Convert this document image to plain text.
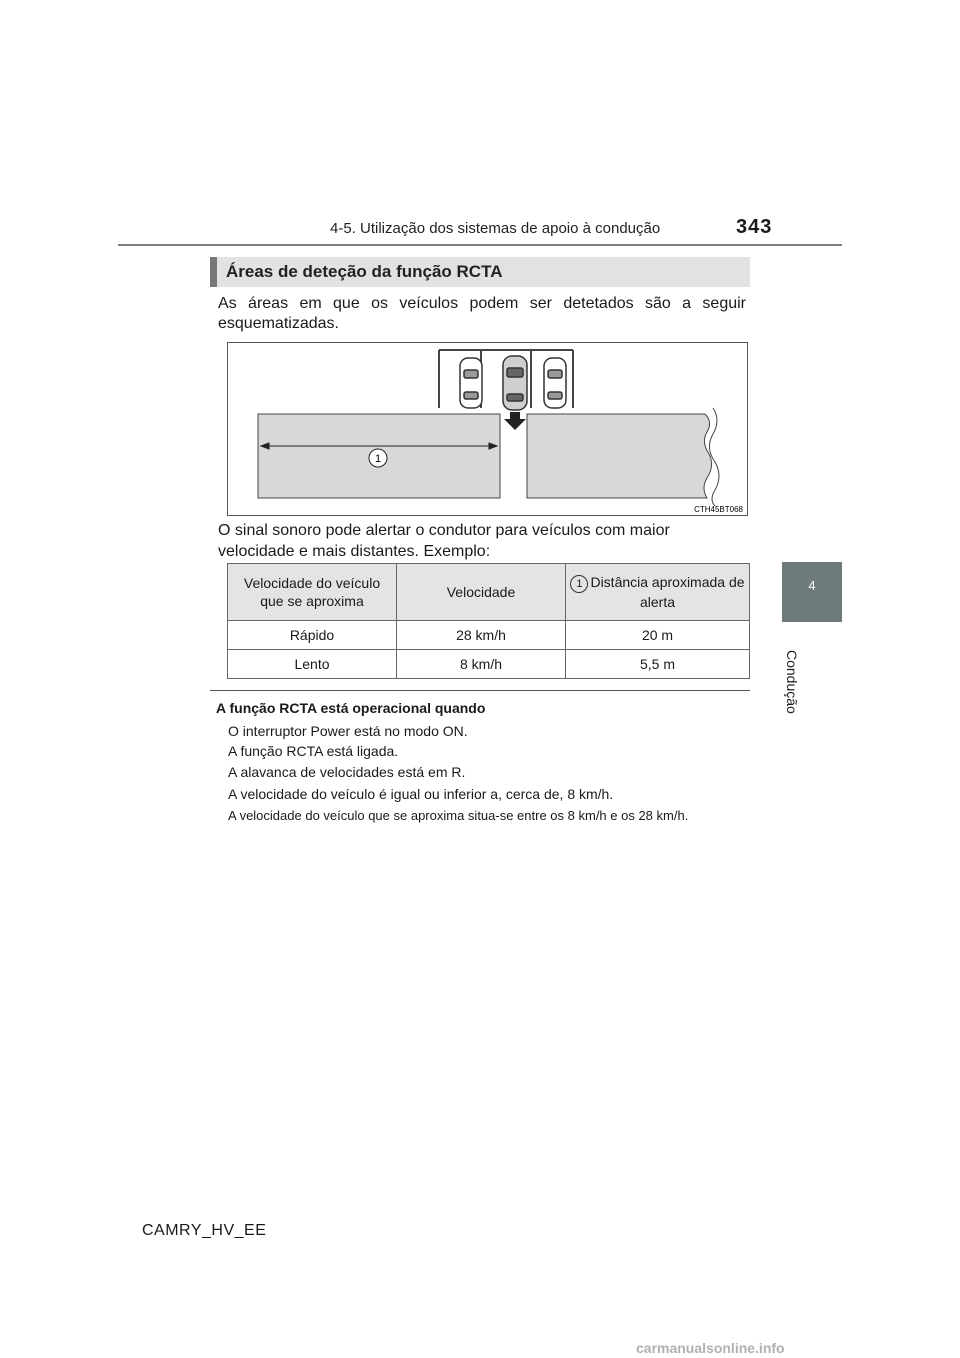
4-5. Utilização dos sistemas de apoio à condução	343
4
Condução
Áreas de deteção da função RCTA
As áreas em que os veículos podem ser detetados são a seguir esquematizadas.
1
CTH45BT068
O sinal sonoro pode alertar o condutor para veículos com maior velocidade e mais distantes. Exemplo:
Velocidade do veículo que se aproxima	Velocidade	1 Distância aproximada de alerta
Rápido	28 km/h	20 m
Lento	8 km/h	5,5 m
A função RCTA está operacional quando
O interruptor Power está no modo ON.
A função RCTA está ligada.
A alavanca de velocidades está em R.
A velocidade do veículo é igual ou inferior a, cerca de, 8 km/h.
A velocidade do veículo que se aproxima situa-se entre os 8 km/h e os 28 km/h.
CAMRY_HV_EE
carmanualsonline.info
